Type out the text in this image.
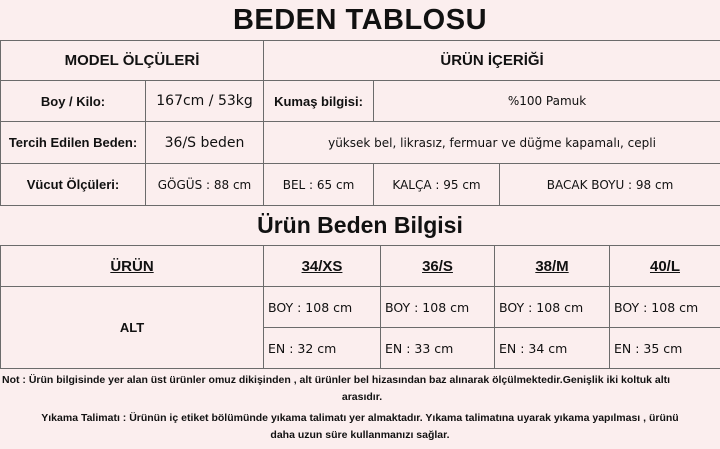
BEDEN TABLOSU
MODEL ÖLÇÜLERİ		ÜRÜN İÇERİĞİ		
Boy / Kilo:	167cm / 53kg	Kumaş bilgisi:	%100 Pamuk	
Tercih Edilen Beden:	36/S beden	yüksek bel, likrasız, fermuar ve düğme kapamalı, cepli		
Vücut Ölçüleri:	GÖGÜS : 88 cm	BEL : 65 cm	KALÇA : 95 cm	BACAK BOYU : 98 cm
Ürün Beden Bilgisi
ÜRÜN	34/XS	36/S	38/M	40/L
ALT	BOY : 108 cm	BOY : 108 cm	BOY : 108 cm	BOY : 108 cm
	EN : 32 cm	EN : 33 cm	EN : 34 cm	EN : 35 cm
Not : Ürün bilgisinde yer alan üst ürünler omuz dikişinden , alt ürünler bel hizasından baz alınarak ölçülmektedir.Genişlik iki koltuk altı
arasıdır.
Yıkama Talimatı : Ürünün iç etiket bölümünde yıkama talimatı yer almaktadır. Yıkama talimatına uyarak yıkama yapılması , ürünü
daha uzun süre kullanmanızı sağlar.
